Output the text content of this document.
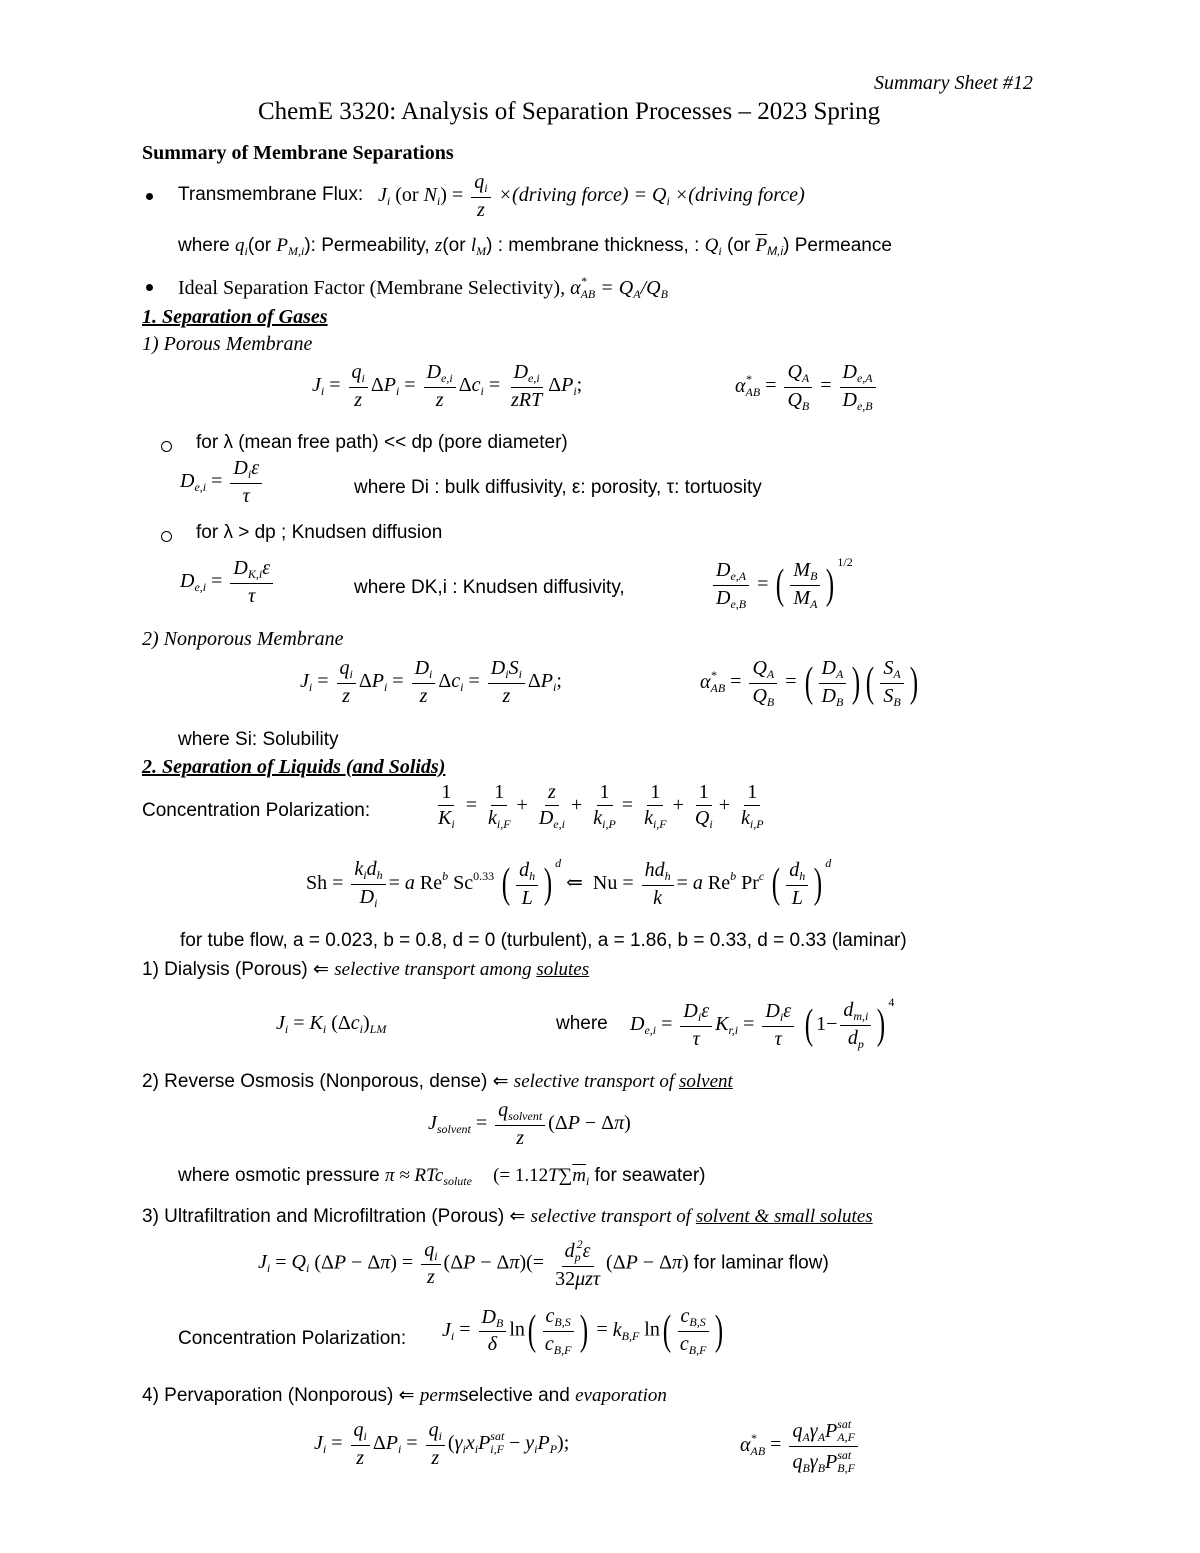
Summary Sheet #12
ChemE 3320: Analysis of Separation Processes – 2023 Spring
Summary of Membrane Separations
Transmembrane Flux: $J_i$ (or $N_i) = \frac{q_i}{z}$ ×(driving force) = $Q_i$ ×(driving force)
where $q_i(or$ $P_{M,i}$): Permeability, z(or $l_M$) : membrane thickness, : $Q_i$ (or $\overline{P}_{M,i}$) Permeance
Ideal Separation Factor (Membrane Selectivity), $\alpha^*_{AB} = Q_A/Q_B$
1. Separation of Gases
1) Porous Membrane
$J_i = \frac{q_i}{z} \Delta P_i = \frac{D_{e,i}}{z} \Delta c_i = \frac{D_{e,i}}{\text{zRT}} \Delta P_i$;	$\alpha^*_{AB} = \frac{Q_A}{Q_B} = \frac{D_{e,A}}{D_{e,B}}$
for λ (mean free path) << dp (pore diameter)
$D_{e,i} = \frac{D_i\varepsilon}{\tau}$	where Di : bulk diffusivity, ε: porosity, τ: tortuosity
for λ > dp ; Knudsen diffusion
$D_{e,i} = \frac{D_{K,i}\varepsilon}{\tau}$	where DK,i : Knudsen diffusivity,	$\frac{D_{e,A}}{D_{e,B}}$ = ( $\frac{M_B}{M_A} )^{1/2}$
2) Nonporous Membrane
$J_i = \frac{q_i}{z} \Delta P_i = \frac{D_i}{z} \Delta c_i = \frac{D_iS_i}{z} \Delta P_i$;	$\alpha^*_{AB} = \frac{Q_A}{Q_B}$ = ( $\frac{D_A}{D_B}$ ) ( $\frac{S_A}{S_B}$ )
where Si: Solubility
2. Separation of Liquids (and Solids)
Concentration Polarization:	$\frac{1}{K_i} = \frac{1}{k_{i,F}} + \frac{z}{D_{e,i}} + \frac{1}{k_{i,P}} = \frac{1}{k_{i,F}} + \frac{1}{Q_i} + \frac{1}{k_{i,P}}$
$Sh = \frac{k_id_h}{D_i} = a$ Re$^b$ $Sc^{0.33}$ ( $\frac{d_h}{L}$ ) $^d$ ⇐  $Nu = \frac{hd_h}{k} = a$ Re$^b$ Pr$^c$ ( $\frac{d_h}{L}$ ) $^d$
for tube flow, a = 0.023, b = 0.8, d = 0 (turbulent), a = 1.86, b = 0.33, d = 0.33 (laminar)
1) Dialysis (Porous) ⇐ selective transport among solutes
$J_i = K_i$ $(\Delta c_i)_{LM}$	where $D_{e,i} = \frac{D_i\varepsilon}{\tau} K_{r,i} = \frac{D_i\varepsilon}{\tau}$ ( $1- \frac{d_{m,i}}{d_p} )^4$
2) Reverse Osmosis (Nonporous, dense) ⇐ selective transport of solvent
$J_{solvent} = \frac{q_{solvent}}{z} (\Delta P - \Delta\pi)$
where osmotic pressure π ≈ RTc$_{solute}$ (= $1.12T\sum\overline{m}_i$ for seawater)
3) Ultrafiltration and Microfiltration (Porous) ⇐ selective transport of solvent & small solutes
$J_i = Q_i$ $(\Delta P - \Delta\pi) = \frac{q_i}{z} (\Delta P - \Delta\pi)(= \frac{d_p^2\varepsilon}{\text{32μzτ}} (\Delta P - \Delta\pi)$ for laminar flow)
Concentration Polarization: $J_i = \frac{D_B}{\delta} \ln( \frac{c_{B,S}}{c_{B,F}}$ ) = $k_{B,F}$ $\ln( \frac{c_{B,S}}{c_{B,F}}$ )
4) Pervaporation (Nonporous) ⇐ permselective and evaporation
$J_i = \frac{q_i}{z} \Delta P_i = \frac{q_i}{z} (\gamma_ix_iP^{sat}_{i,F} - y_iP_P)$;	$\alpha^*_{AB} = \frac{q_A\gamma_AP^{sat}_{A,F}}{q_B\gamma_BP^{sat}_{B,F}}$
